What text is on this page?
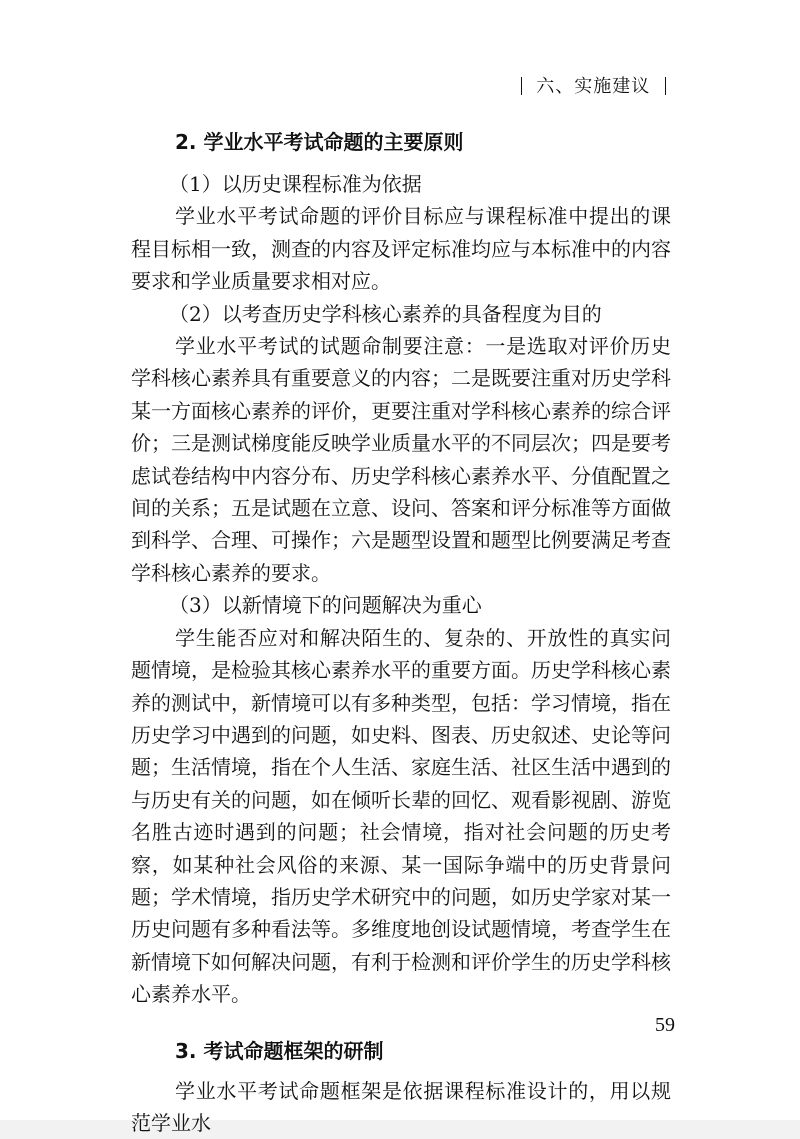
六、实施建议
2. 学业水平考试命题的主要原则

（1）以历史课程标准为依据

学业水平考试命题的评价目标应与课程标准中提出的课程目标相一致，测查的内容及评定标准均应与本标准中的内容要求和学业质量要求相对应。

（2）以考查历史学科核心素养的具备程度为目的

学业水平考试的试题命制要注意：一是选取对评价历史学科核心素养具有重要意义的内容；二是既要注重对历史学科某一方面核心素养的评价，更要注重对学科核心素养的综合评价；三是测试梯度能反映学业质量水平的不同层次；四是要考虑试卷结构中内容分布、历史学科核心素养水平、分值配置之间的关系；五是试题在立意、设问、答案和评分标准等方面做到科学、合理、可操作；六是题型设置和题型比例要满足考查学科核心素养的要求。

（3）以新情境下的问题解决为重心

学生能否应对和解决陌生的、复杂的、开放性的真实问题情境，是检验其核心素养水平的重要方面。历史学科核心素养的测试中，新情境可以有多种类型，包括：学习情境，指在历史学习中遇到的问题，如史料、图表、历史叙述、史论等问题；生活情境，指在个人生活、家庭生活、社区生活中遇到的与历史有关的问题，如在倾听长辈的回忆、观看影视剧、游览名胜古迹时遇到的问题；社会情境，指对社会问题的历史考察，如某种社会风俗的来源、某一国际争端中的历史背景问题；学术情境，指历史学术研究中的问题，如历史学家对某一历史问题有多种看法等。多维度地创设试题情境，考查学生在新情境下如何解决问题，有利于检测和评价学生的历史学科核心素养水平。

3. 考试命题框架的研制

学业水平考试命题框架是依据课程标准设计的，用以规范学业水

59
